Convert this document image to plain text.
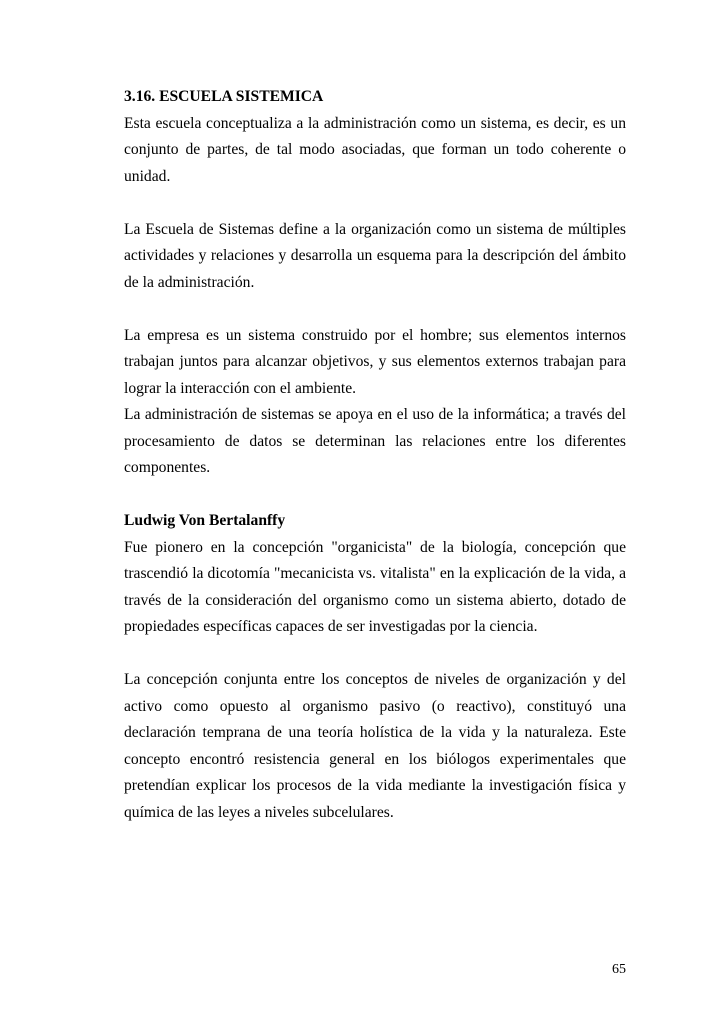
3.16. ESCUELA SISTEMICA

Esta escuela conceptualiza a la administración como un sistema, es decir, es un conjunto de partes, de tal modo asociadas, que forman un todo coherente o unidad.

La Escuela de Sistemas define a la organización como un sistema de múltiples actividades y relaciones y desarrolla un esquema para la descripción del ámbito de la administración.

La empresa es un sistema construido por el hombre; sus elementos internos trabajan juntos para alcanzar objetivos, y sus elementos externos trabajan para lograr la interacción con el ambiente.

La administración de sistemas se apoya en el uso de la informática; a través del procesamiento de datos se determinan las relaciones entre los diferentes componentes.

Ludwig Von Bertalanffy

Fue pionero en la concepción "organicista" de la biología, concepción que trascendió la dicotomía "mecanicista vs. vitalista" en la explicación de la vida, a través de la consideración del organismo como un sistema abierto, dotado de propiedades específicas capaces de ser investigadas por la ciencia.

La concepción conjunta entre los conceptos de niveles de organización y del activo como opuesto al organismo pasivo (o reactivo), constituyó una declaración temprana de una teoría holística de la vida y la naturaleza. Este concepto encontró resistencia general en los biólogos experimentales que pretendían explicar los procesos de la vida mediante la investigación física y química de las leyes a niveles subcelulares.

65
